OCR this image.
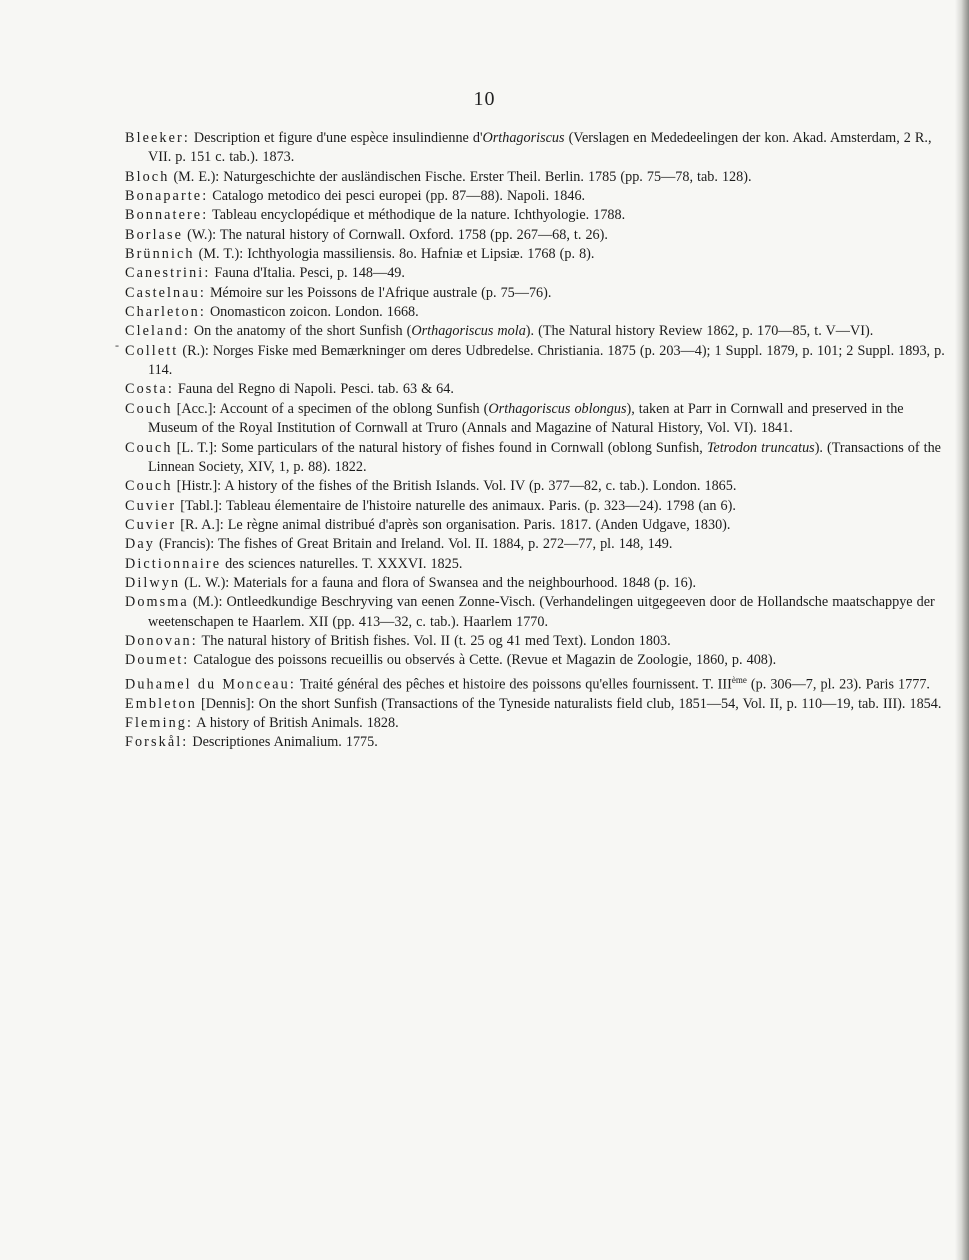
10
-
Bleeker: Description et figure d'une espèce insulindienne d'Orthagoriscus (Verslagen en Mededeelingen der kon. Akad. Amsterdam, 2 R., VII. p. 151 c. tab.). 1873.
Bloch (M. E.): Naturgeschichte der ausländischen Fische. Erster Theil. Berlin. 1785 (pp. 75—78, tab. 128).
Bonaparte: Catalogo metodico dei pesci europei (pp. 87—88). Napoli. 1846.
Bonnatere: Tableau encyclopédique et méthodique de la nature. Ichthyologie. 1788.
Borlase (W.): The natural history of Cornwall. Oxford. 1758 (pp. 267—68, t. 26).
Brünnich (M. T.): Ichthyologia massiliensis. 8o. Hafniæ et Lipsiæ. 1768 (p. 8).
Canestrini: Fauna d'Italia. Pesci, p. 148—49.
Castelnau: Mémoire sur les Poissons de l'Afrique australe (p. 75—76).
Charleton: Onomasticon zoicon. London. 1668.
Cleland: On the anatomy of the short Sunfish (Orthagoriscus mola). (The Natural history Review 1862, p. 170—85, t. V—VI).
Collett (R.): Norges Fiske med Bemærkninger om deres Udbredelse. Christiania. 1875 (p. 203—4); 1 Suppl. 1879, p. 101; 2 Suppl. 1893, p. 114.
Costa: Fauna del Regno di Napoli. Pesci. tab. 63 & 64.
Couch [Acc.]: Account of a specimen of the oblong Sunfish (Orthagoriscus oblongus), taken at Parr in Cornwall and preserved in the Museum of the Royal Institution of Cornwall at Truro (Annals and Magazine of Natural History, Vol. VI). 1841.
Couch [L. T.]: Some particulars of the natural history of fishes found in Cornwall (oblong Sunfish, Tetrodon truncatus). (Transactions of the Linnean Society, XIV, 1, p. 88). 1822.
Couch [Histr.]: A history of the fishes of the British Islands. Vol. IV (p. 377—82, c. tab.). London. 1865.
Cuvier [Tabl.]: Tableau élementaire de l'histoire naturelle des animaux. Paris. (p. 323—24). 1798 (an 6).
Cuvier [R. A.]: Le règne animal distribué d'après son organisation. Paris. 1817. (Anden Udgave, 1830).
Day (Francis): The fishes of Great Britain and Ireland. Vol. II. 1884, p. 272—77, pl. 148, 149.
Dictionnaire des sciences naturelles. T. XXXVI. 1825.
Dilwyn (L. W.): Materials for a fauna and flora of Swansea and the neighbourhood. 1848 (p. 16).
Domsma (M.): Ontleedkundige Beschryving van eenen Zonne-Visch. (Verhandelingen uitgegeeven door de Hollandsche maatschappye der weetenschapen te Haarlem. XII (pp. 413—32, c. tab.). Haarlem 1770.
Donovan: The natural history of British fishes. Vol. II (t. 25 og 41 med Text). London 1803.
Doumet: Catalogue des poissons recueillis ou observés à Cette. (Revue et Magazin de Zoologie, 1860, p. 408).
Duhamel du Monceau: Traité général des pêches et histoire des poissons qu'elles fournissent. T. IIIème (p. 306—7, pl. 23). Paris 1777.
Embleton [Dennis]: On the short Sunfish (Transactions of the Tyneside naturalists field club, 1851—54, Vol. II, p. 110—19, tab. III). 1854.
Fleming: A history of British Animals. 1828.
Forskål: Descriptiones Animalium. 1775.
